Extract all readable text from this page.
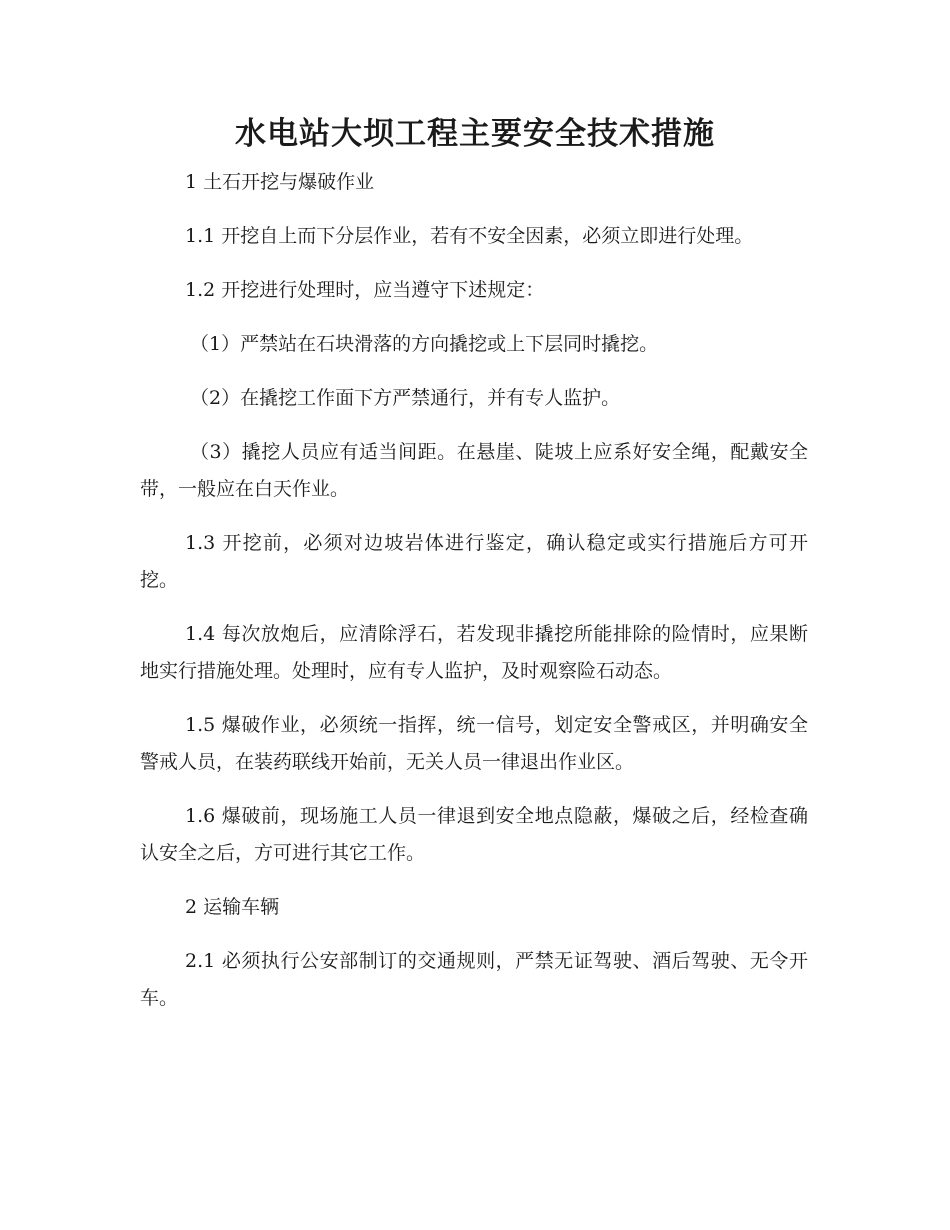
水电站大坝工程主要安全技术措施

1 土石开挖与爆破作业

1.1 开挖自上而下分层作业，若有不安全因素，必须立即进行处理。

1.2 开挖进行处理时，应当遵守下述规定：

（1）严禁站在石块滑落的方向撬挖或上下层同时撬挖。

（2）在撬挖工作面下方严禁通行，并有专人监护。

（3）撬挖人员应有适当间距。在悬崖、陡坡上应系好安全绳，配戴安全带，一般应在白天作业。

1.3 开挖前，必须对边坡岩体进行鉴定，确认稳定或实行措施后方可开挖。

1.4 每次放炮后，应清除浮石，若发现非撬挖所能排除的险情时，应果断地实行措施处理。处理时，应有专人监护，及时观察险石动态。

1.5 爆破作业，必须统一指挥，统一信号，划定安全警戒区，并明确安全警戒人员，在装药联线开始前，无关人员一律退出作业区。

1.6 爆破前，现场施工人员一律退到安全地点隐蔽，爆破之后，经检查确认安全之后，方可进行其它工作。

2 运输车辆

2.1 必须执行公安部制订的交通规则，严禁无证驾驶、酒后驾驶、无令开车。
